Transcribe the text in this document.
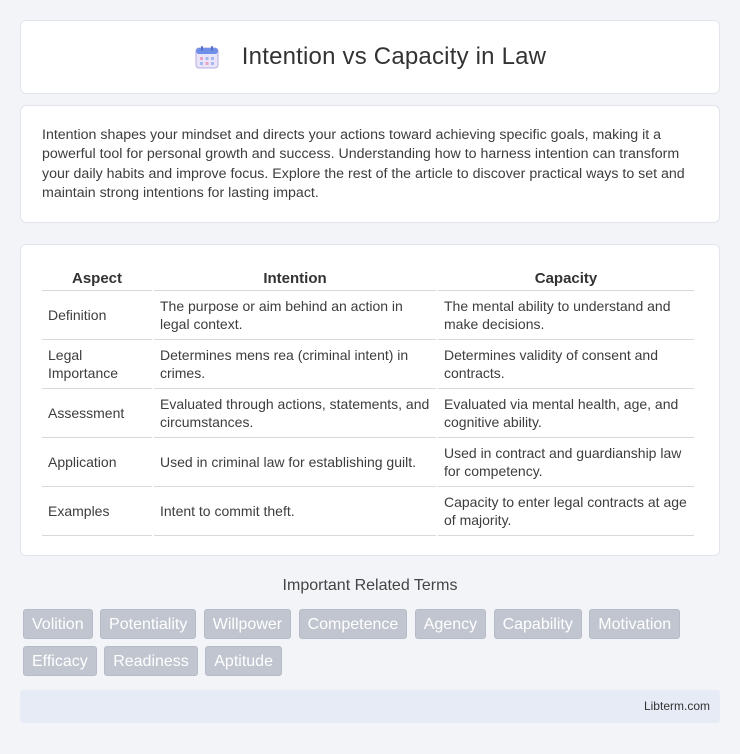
Intention vs Capacity in Law

Intention shapes your mindset and directs your actions toward achieving specific goals, making it a powerful tool for personal growth and success. Understanding how to harness intention can transform your daily habits and improve focus. Explore the rest of the article to discover practical ways to set and maintain strong intentions for lasting impact.

Aspect	Intention	Capacity
Definition	The purpose or aim behind an action in legal context.	The mental ability to understand and make decisions.
Legal Importance	Determines mens rea (criminal intent) in crimes.	Determines validity of consent and contracts.
Assessment	Evaluated through actions, statements, and circumstances.	Evaluated via mental health, age, and cognitive ability.
Application	Used in criminal law for establishing guilt.	Used in contract and guardianship law for competency.
Examples	Intent to commit theft.	Capacity to enter legal contracts at age of majority.
Important Related Terms
Volition Potentiality Willpower Competence Agency Capability Motivation Efficacy Readiness Aptitude
Libterm.com
